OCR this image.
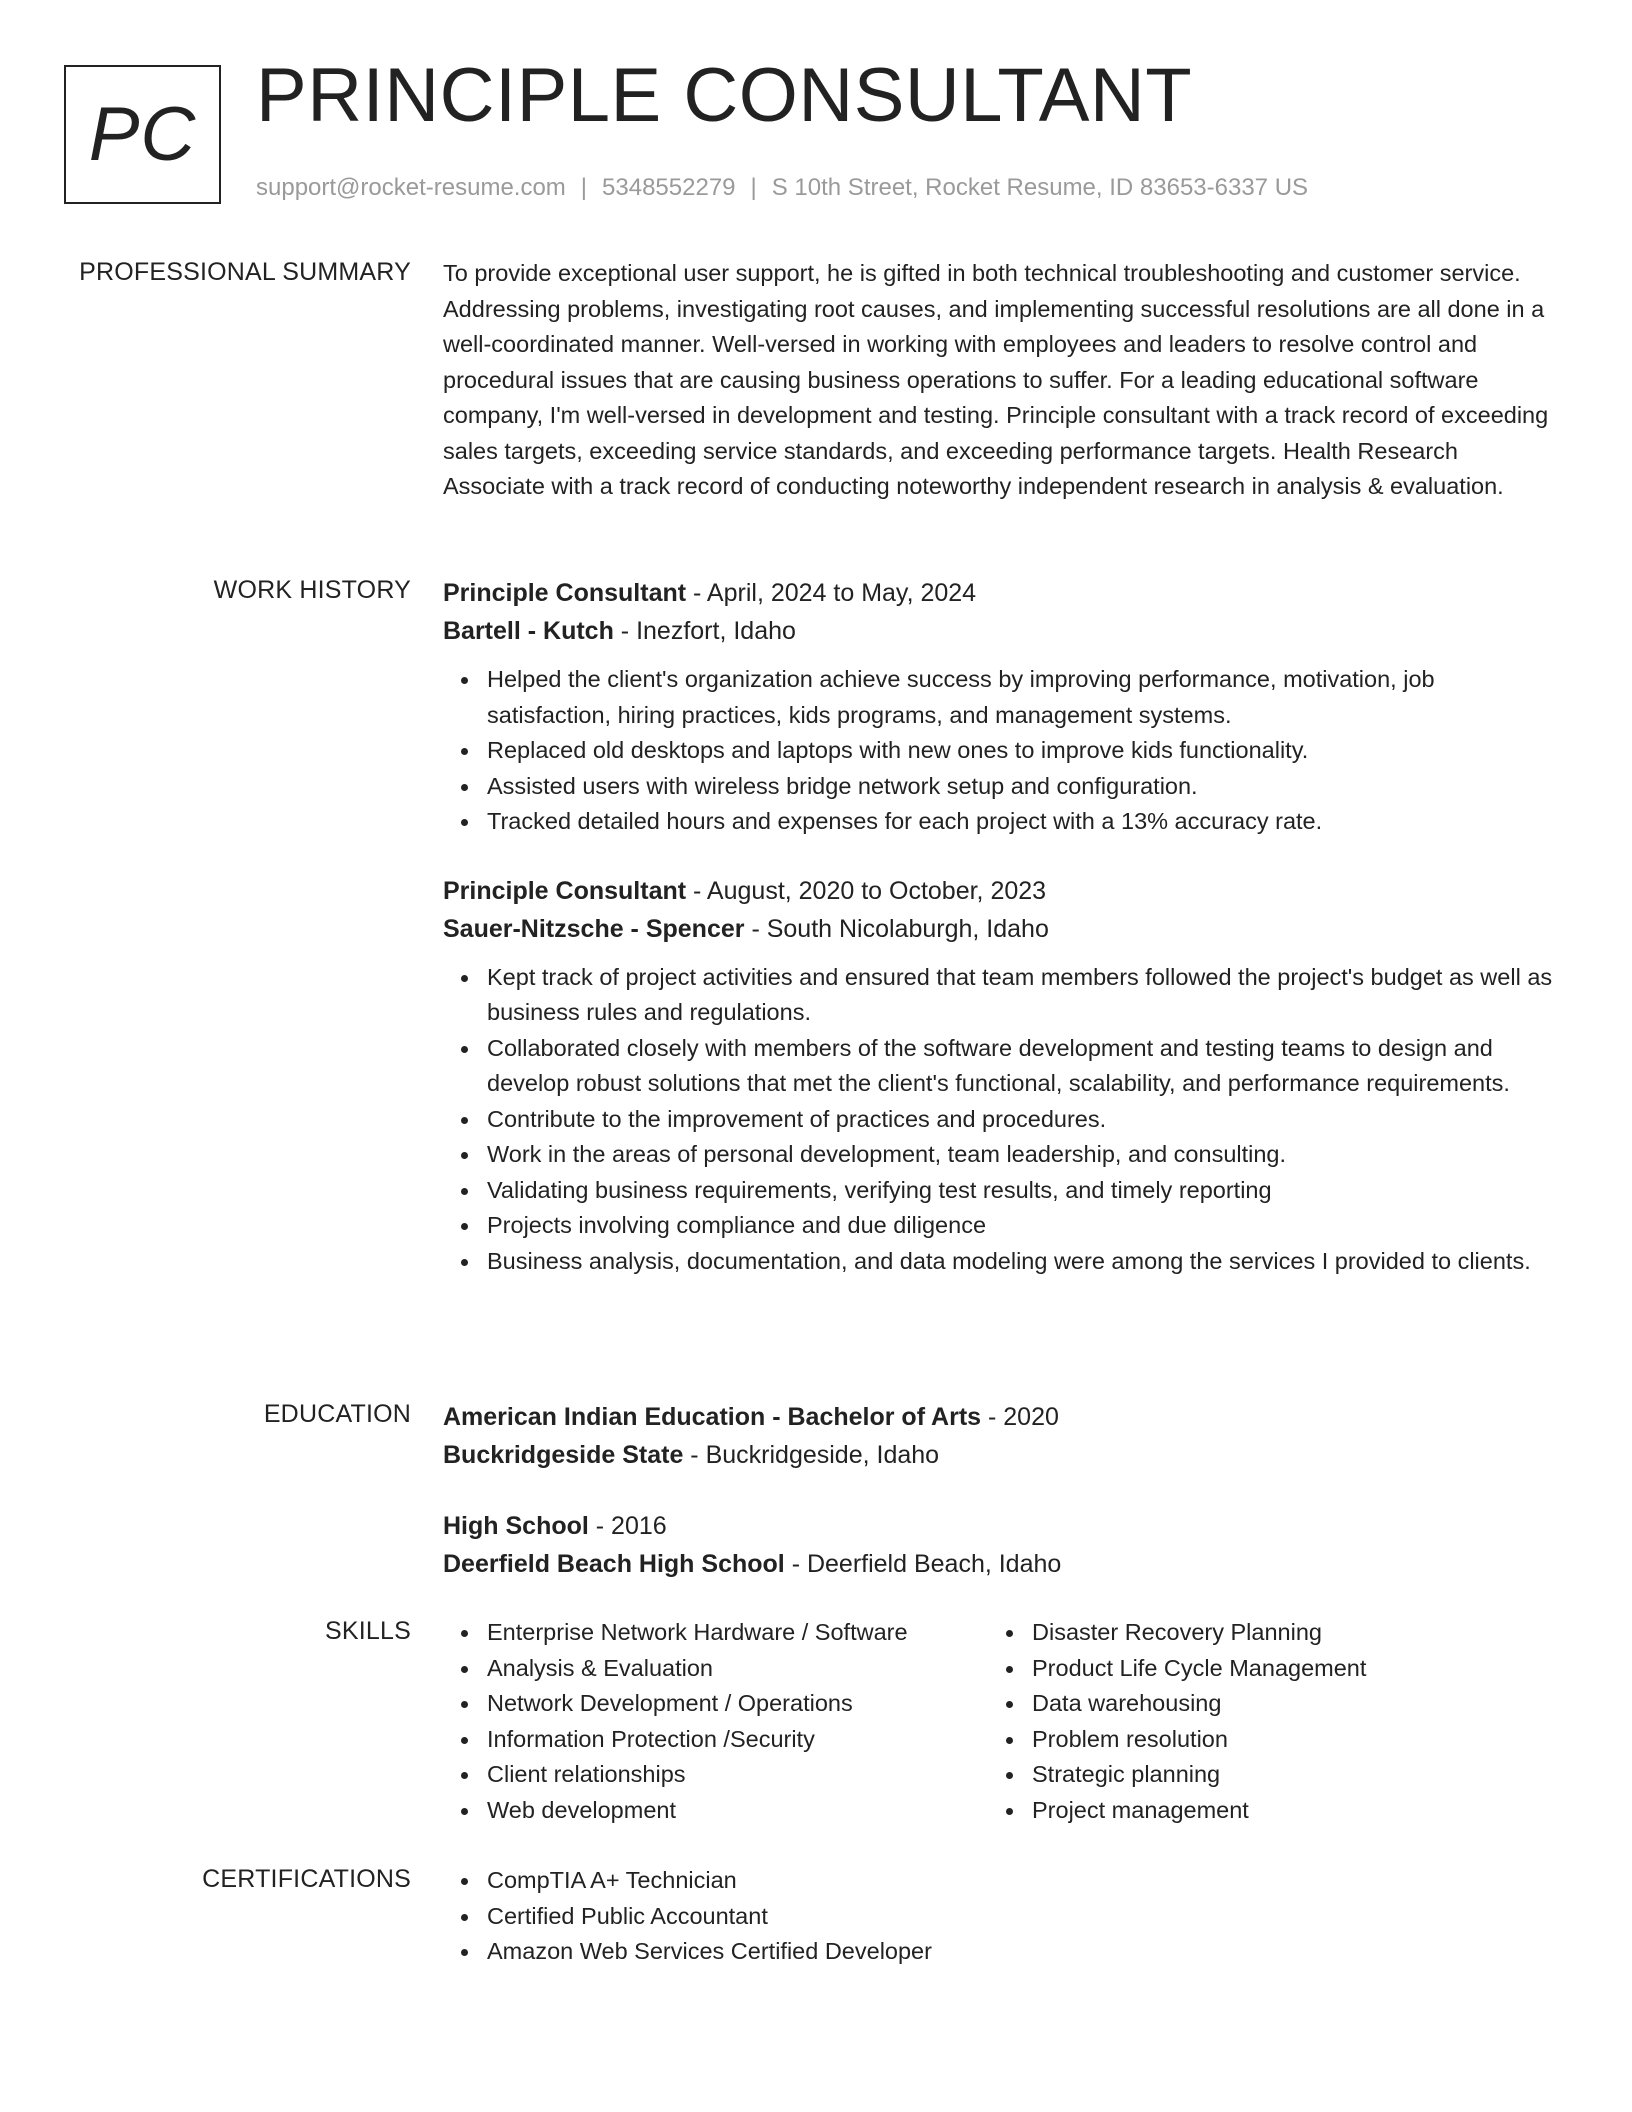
PC PRINCIPLE CONSULTANT
support@rocket-resume.com | 5348552279 | S 10th Street, Rocket Resume, ID 83653-6337 US
PROFESSIONAL SUMMARY To provide exceptional user support, he is gifted in both technical troubleshooting and customer service. Addressing problems, investigating root causes, and implementing successful resolutions are all done in a well-coordinated manner. Well-versed in working with employees and leaders to resolve control and procedural issues that are causing business operations to suffer. For a leading educational software company, I'm well-versed in development and testing. Principle consultant with a track record of exceeding sales targets, exceeding service standards, and exceeding performance targets. Health Research Associate with a track record of conducting noteworthy independent research in analysis & evaluation.

WORK HISTORY Principle Consultant - April, 2024 to May, 2024
Bartell - Kutch - Inezfort, Idaho
Helped the client's organization achieve success by improving performance, motivation, job satisfaction, hiring practices, kids programs, and management systems.
Replaced old desktops and laptops with new ones to improve kids functionality.
Assisted users with wireless bridge network setup and configuration.
Tracked detailed hours and expenses for each project with a 13% accuracy rate.
Principle Consultant - August, 2020 to October, 2023
Sauer-Nitzsche - Spencer - South Nicolaburgh, Idaho
Kept track of project activities and ensured that team members followed the project's budget as well as business rules and regulations.
Collaborated closely with members of the software development and testing teams to design and develop robust solutions that met the client's functional, scalability, and performance requirements.
Contribute to the improvement of practices and procedures.
Work in the areas of personal development, team leadership, and consulting.
Validating business requirements, verifying test results, and timely reporting
Projects involving compliance and due diligence
Business analysis, documentation, and data modeling were among the services I provided to clients.
EDUCATION American Indian Education - Bachelor of Arts - 2020
Buckridgeside State - Buckridgeside, Idaho
High School - 2016
Deerfield Beach High School - Deerfield Beach, Idaho
SKILLS	Enterprise Network Hardware / Software
Analysis & Evaluation
Network Development / Operations
Information Protection /Security
Client relationships
Web development
Disaster Recovery Planning
Product Life Cycle Management
Data warehousing
Problem resolution
Strategic planning
Project management
CERTIFICATIONS	CompTIA A+ Technician
Certified Public Accountant
Amazon Web Services Certified Developer
